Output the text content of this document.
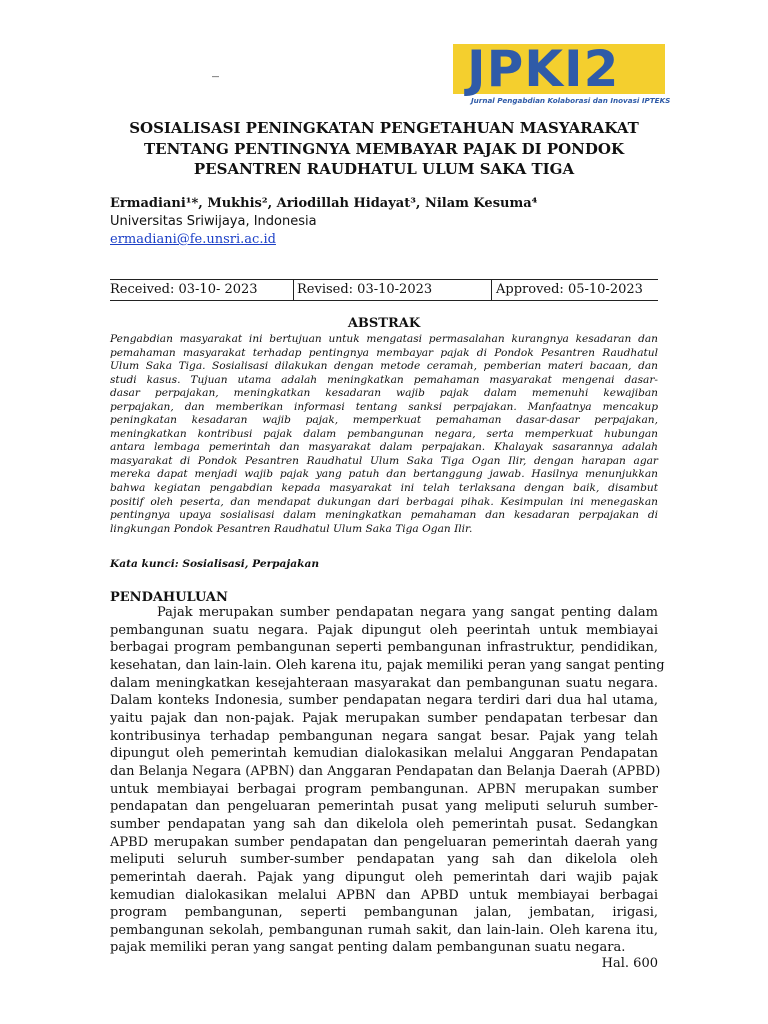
_	JPKI2
Jurnal Pengabdian Kolaborasi dan Inovasi IPTEKS
SOSIALISASI PENINGKATAN PENGETAHUAN MASYARAKAT
TENTANG PENTINGNYA MEMBAYAR PAJAK DI PONDOK
PESANTREN RAUDHATUL ULUM SAKA TIGA
Ermadiani¹*, Mukhis², Ariodillah Hidayat³, Nilam Kesuma⁴
Universitas Sriwijaya, Indonesia
ermadiani@fe.unsri.ac.id
Received: 03-10- 2023	Revised: 03-10-2023	Approved: 05-10-2023
ABSTRAK

Pengabdian masyarakat ini bertujuan untuk mengatasi permasalahan kurangnya kesadaran dan
pemahaman masyarakat terhadap pentingnya membayar pajak di Pondok Pesantren Raudhatul
Ulum Saka Tiga. Sosialisasi dilakukan dengan metode ceramah, pemberian materi bacaan, dan
studi kasus. Tujuan utama adalah meningkatkan pemahaman masyarakat mengenai dasar-
dasar perpajakan, meningkatkan kesadaran wajib pajak dalam memenuhi kewajiban
perpajakan, dan memberikan informasi tentang sanksi perpajakan. Manfaatnya mencakup
peningkatan kesadaran wajib pajak, memperkuat pemahaman dasar-dasar perpajakan,
meningkatkan kontribusi pajak dalam pembangunan negara, serta memperkuat hubungan
antara lembaga pemerintah dan masyarakat dalam perpajakan. Khalayak sasarannya adalah
masyarakat di Pondok Pesantren Raudhatul Ulum Saka Tiga Ogan Ilir, dengan harapan agar
mereka dapat menjadi wajib pajak yang patuh dan bertanggung jawab. Hasilnya menunjukkan
bahwa kegiatan pengabdian kepada masyarakat ini telah terlaksana dengan baik, disambut
positif oleh peserta, dan mendapat dukungan dari berbagai pihak. Kesimpulan ini menegaskan
pentingnya upaya sosialisasi dalam meningkatkan pemahaman dan kesadaran perpajakan di
lingkungan Pondok Pesantren Raudhatul Ulum Saka Tiga Ogan Ilir.

Kata kunci: Sosialisasi, Perpajakan
PENDAHULUAN

Pajak merupakan sumber pendapatan negara yang sangat penting dalam
pembangunan suatu negara. Pajak dipungut oleh peerintah untuk membiayai
berbagai program pembangunan seperti pembangunan infrastruktur, pendidikan,
kesehatan, dan lain-lain. Oleh karena itu, pajak memiliki peran yang sangat penting
dalam meningkatkan kesejahteraan masyarakat dan pembangunan suatu negara.
Dalam konteks Indonesia, sumber pendapatan negara terdiri dari dua hal utama,
yaitu pajak dan non-pajak. Pajak merupakan sumber pendapatan terbesar dan
kontribusinya terhadap pembangunan negara sangat besar. Pajak yang telah
dipungut oleh pemerintah kemudian dialokasikan melalui Anggaran Pendapatan
dan Belanja Negara (APBN) dan Anggaran Pendapatan dan Belanja Daerah (APBD)
untuk membiayai berbagai program pembangunan. APBN merupakan sumber
pendapatan dan pengeluaran pemerintah pusat yang meliputi seluruh sumber-
sumber pendapatan yang sah dan dikelola oleh pemerintah pusat. Sedangkan
APBD merupakan sumber pendapatan dan pengeluaran pemerintah daerah yang
meliputi seluruh sumber-sumber pendapatan yang sah dan dikelola oleh
pemerintah daerah. Pajak yang dipungut oleh pemerintah dari wajib pajak
kemudian dialokasikan melalui APBN dan APBD untuk membiayai berbagai
program pembangunan, seperti pembangunan jalan, jembatan, irigasi,
pembangunan sekolah, pembangunan rumah sakit, dan lain-lain. Oleh karena itu,
pajak memiliki peran yang sangat penting dalam pembangunan suatu negara.

Hal. 600
